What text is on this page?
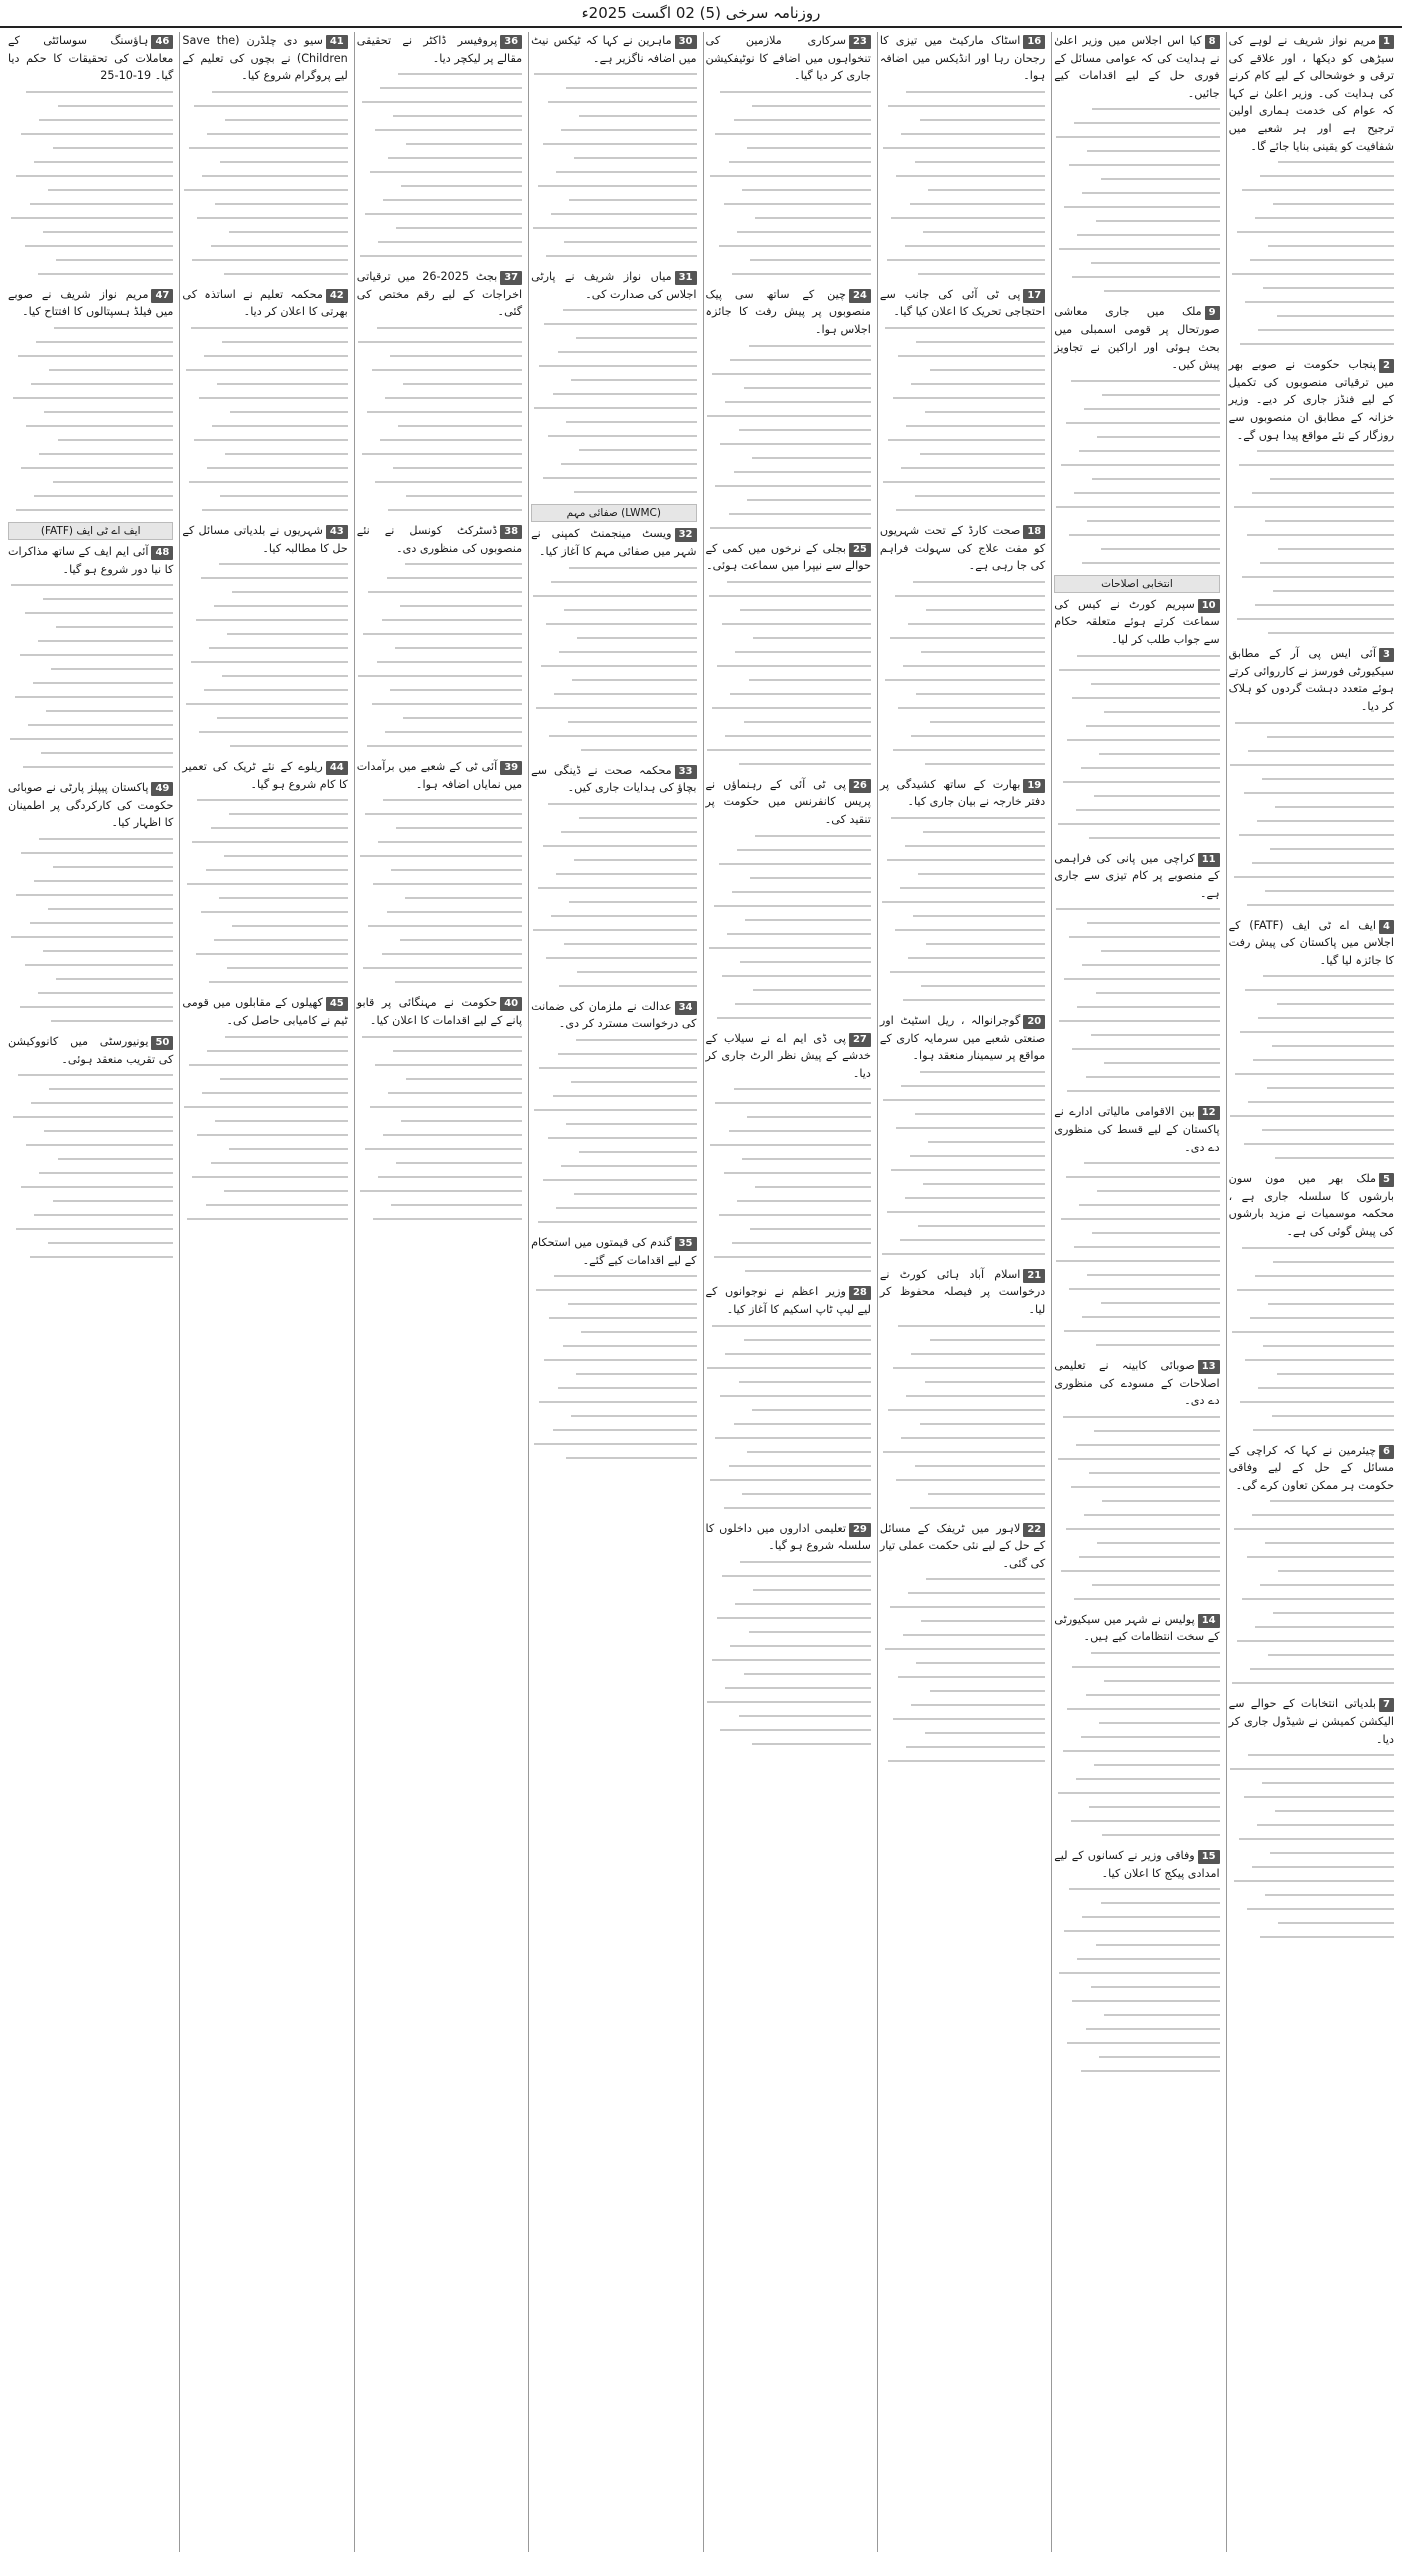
روزنامہ سرخی (5) 02 اگست 2025ء

1مریم نواز شریف نے لوہے کی سیڑھی کو دیکھا ، اور علاقے کی ترقی و خوشحالی کے لیے کام کرنے کی ہدایت کی۔ وزیر اعلیٰ نے کہا کہ عوام کی خدمت ہماری اولین ترجیح ہے اور ہر شعبے میں شفافیت کو یقینی بنایا جائے گا۔

2پنجاب حکومت نے صوبے بھر میں ترقیاتی منصوبوں کی تکمیل کے لیے فنڈز جاری کر دیے۔ وزیر خزانہ کے مطابق ان منصوبوں سے روزگار کے نئے مواقع پیدا ہوں گے۔

3آئی ایس پی آر کے مطابق سیکیورٹی فورسز نے کارروائی کرتے ہوئے متعدد دہشت گردوں کو ہلاک کر دیا۔

4ایف اے ٹی ایف (FATF) کے اجلاس میں پاکستان کی پیش رفت کا جائزہ لیا گیا۔

5ملک بھر میں مون سون بارشوں کا سلسلہ جاری ہے ، محکمہ موسمیات نے مزید بارشوں کی پیش گوئی کی ہے۔

6چیئرمین نے کہا کہ کراچی کے مسائل کے حل کے لیے وفاقی حکومت ہر ممکن تعاون کرے گی۔

7بلدیاتی انتخابات کے حوالے سے الیکشن کمیشن نے شیڈول جاری کر دیا۔

8کیا اس اجلاس میں وزیر اعلیٰ نے ہدایت کی کہ عوامی مسائل کے فوری حل کے لیے اقدامات کیے جائیں۔

9ملک میں جاری معاشی صورتحال پر قومی اسمبلی میں بحث ہوئی اور اراکین نے تجاویز پیش کیں۔

انتخابی اصلاحات

10سپریم کورٹ نے کیس کی سماعت کرتے ہوئے متعلقہ حکام سے جواب طلب کر لیا۔

11کراچی میں پانی کی فراہمی کے منصوبے پر کام تیزی سے جاری ہے۔

12بین الاقوامی مالیاتی ادارے نے پاکستان کے لیے قسط کی منظوری دے دی۔

13صوبائی کابینہ نے تعلیمی اصلاحات کے مسودے کی منظوری دے دی۔

14پولیس نے شہر میں سیکیورٹی کے سخت انتظامات کیے ہیں۔

15وفاقی وزیر نے کسانوں کے لیے امدادی پیکج کا اعلان کیا۔

16اسٹاک مارکیٹ میں تیزی کا رجحان رہا اور انڈیکس میں اضافہ ہوا۔

17پی ٹی آئی کی جانب سے احتجاجی تحریک کا اعلان کیا گیا۔

18صحت کارڈ کے تحت شہریوں کو مفت علاج کی سہولت فراہم کی جا رہی ہے۔

19بھارت کے ساتھ کشیدگی پر دفتر خارجہ نے بیان جاری کیا۔

20گوجرانوالہ ، ریل اسٹیٹ اور صنعتی شعبے میں سرمایہ کاری کے مواقع پر سیمینار منعقد ہوا۔

21اسلام آباد ہائی کورٹ نے درخواست پر فیصلہ محفوظ کر لیا۔

22لاہور میں ٹریفک کے مسائل کے حل کے لیے نئی حکمت عملی تیار کی گئی۔

23سرکاری ملازمین کی تنخواہوں میں اضافے کا نوٹیفکیشن جاری کر دیا گیا۔

24چین کے ساتھ سی پیک منصوبوں پر پیش رفت کا جائزہ اجلاس ہوا۔

25بجلی کے نرخوں میں کمی کے حوالے سے نیپرا میں سماعت ہوئی۔

26پی ٹی آئی کے رہنماؤں نے پریس کانفرنس میں حکومت پر تنقید کی۔

27پی ڈی ایم اے نے سیلاب کے خدشے کے پیش نظر الرٹ جاری کر دیا۔

28وزیر اعظم نے نوجوانوں کے لیے لیپ ٹاپ اسکیم کا آغاز کیا۔

29تعلیمی اداروں میں داخلوں کا سلسلہ شروع ہو گیا۔

30ماہرین نے کہا کہ ٹیکس نیٹ میں اضافہ ناگزیر ہے۔

31میاں نواز شریف نے پارٹی اجلاس کی صدارت کی۔

(LWMC) صفائی مہم

32ویسٹ مینجمنٹ کمپنی نے شہر میں صفائی مہم کا آغاز کیا۔

33محکمہ صحت نے ڈینگی سے بچاؤ کی ہدایات جاری کیں۔

34عدالت نے ملزمان کی ضمانت کی درخواست مسترد کر دی۔

35گندم کی قیمتوں میں استحکام کے لیے اقدامات کیے گئے۔

36پروفیسر ڈاکٹر نے تحقیقی مقالے پر لیکچر دیا۔

37بجٹ 2025-26 میں ترقیاتی اخراجات کے لیے رقم مختص کی گئی۔

38ڈسٹرکٹ کونسل نے نئے منصوبوں کی منظوری دی۔

39آئی ٹی کے شعبے میں برآمدات میں نمایاں اضافہ ہوا۔

40حکومت نے مہنگائی پر قابو پانے کے لیے اقدامات کا اعلان کیا۔

41سیو دی چلڈرن (Save the Children) نے بچوں کی تعلیم کے لیے پروگرام شروع کیا۔

42محکمہ تعلیم نے اساتذہ کی بھرتی کا اعلان کر دیا۔

43شہریوں نے بلدیاتی مسائل کے حل کا مطالبہ کیا۔

44ریلوے کے نئے ٹریک کی تعمیر کا کام شروع ہو گیا۔

45کھیلوں کے مقابلوں میں قومی ٹیم نے کامیابی حاصل کی۔

46ہاؤسنگ سوسائٹی کے معاملات کی تحقیقات کا حکم دیا گیا۔ 19-10-25

47مریم نواز شریف نے صوبے میں فیلڈ ہسپتالوں کا افتتاح کیا۔

ایف اے ٹی ایف (FATF)

48آئی ایم ایف کے ساتھ مذاکرات کا نیا دور شروع ہو گیا۔

49پاکستان پیپلز پارٹی نے صوبائی حکومت کی کارکردگی پر اطمینان کا اظہار کیا۔

50یونیورسٹی میں کانووکیشن کی تقریب منعقد ہوئی۔
